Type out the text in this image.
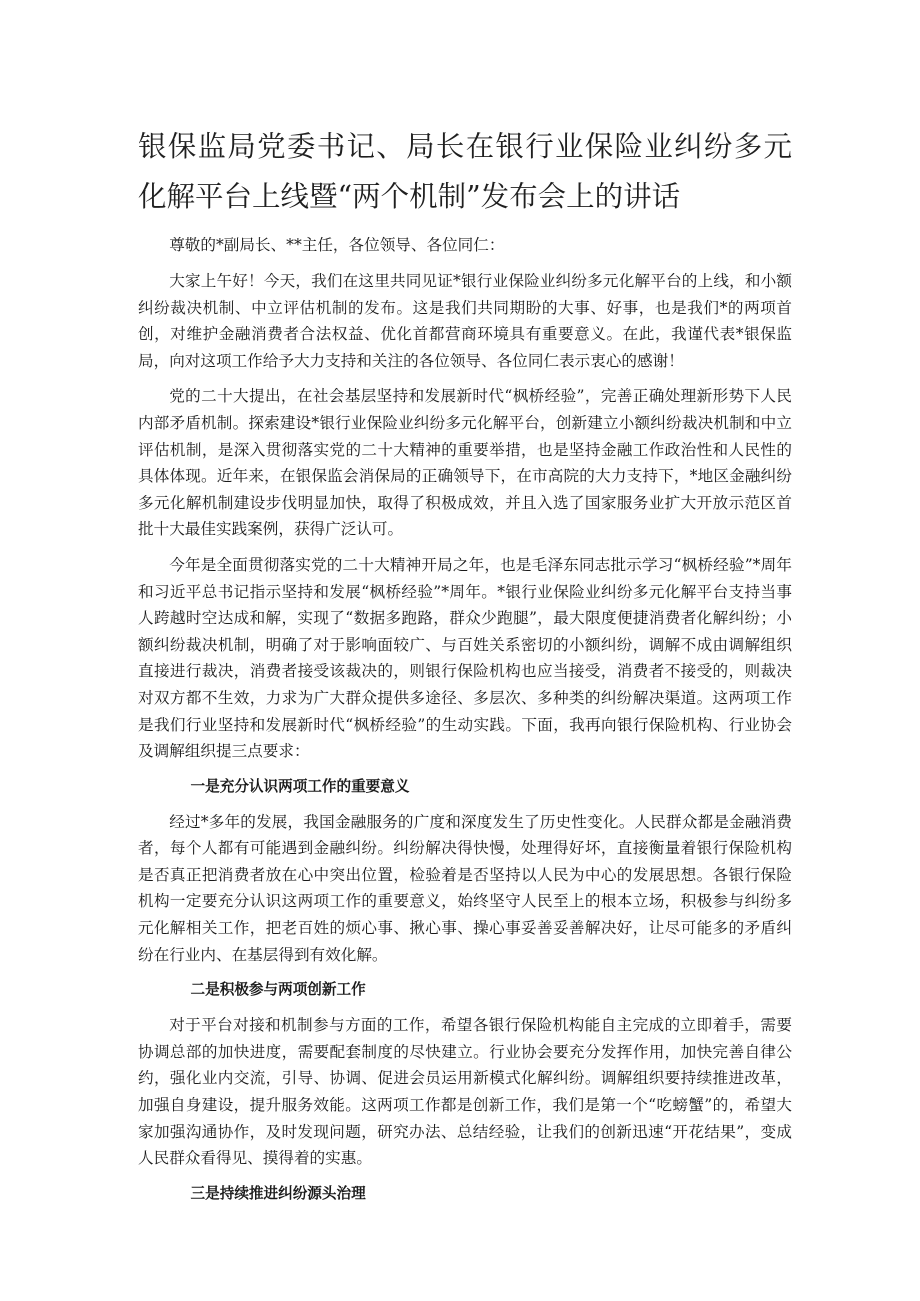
银保监局党委书记、局长在银行业保险业纠纷多元化解平台上线暨“两个机制”发布会上的讲话

尊敬的*副局长、**主任，各位领导、各位同仁：

大家上午好！今天，我们在这里共同见证*银行业保险业纠纷多元化解平台的上线，和小额纠纷裁决机制、中立评估机制的发布。这是我们共同期盼的大事、好事，也是我们*的两项首创，对维护金融消费者合法权益、优化首都营商环境具有重要意义。在此，我谨代表*银保监局，向对这项工作给予大力支持和关注的各位领导、各位同仁表示衷心的感谢！

党的二十大提出，在社会基层坚持和发展新时代“枫桥经验”，完善正确处理新形势下人民内部矛盾机制。探索建设*银行业保险业纠纷多元化解平台，创新建立小额纠纷裁决机制和中立评估机制，是深入贯彻落实党的二十大精神的重要举措，也是坚持金融工作政治性和人民性的具体体现。近年来，在银保监会消保局的正确领导下，在市高院的大力支持下，*地区金融纠纷多元化解机制建设步伐明显加快，取得了积极成效，并且入选了国家服务业扩大开放示范区首批十大最佳实践案例，获得广泛认可。

今年是全面贯彻落实党的二十大精神开局之年，也是毛泽东同志批示学习“枫桥经验”*周年和习近平总书记指示坚持和发展“枫桥经验”*周年。*银行业保险业纠纷多元化解平台支持当事人跨越时空达成和解，实现了“数据多跑路，群众少跑腿”，最大限度便捷消费者化解纠纷；小额纠纷裁决机制，明确了对于影响面较广、与百姓关系密切的小额纠纷，调解不成由调解组织直接进行裁决，消费者接受该裁决的，则银行保险机构也应当接受，消费者不接受的，则裁决对双方都不生效，力求为广大群众提供多途径、多层次、多种类的纠纷解决渠道。这两项工作是我们行业坚持和发展新时代“枫桥经验”的生动实践。下面，我再向银行保险机构、行业协会及调解组织提三点要求：

一是充分认识两项工作的重要意义

经过*多年的发展，我国金融服务的广度和深度发生了历史性变化。人民群众都是金融消费者，每个人都有可能遇到金融纠纷。纠纷解决得快慢，处理得好坏，直接衡量着银行保险机构是否真正把消费者放在心中突出位置，检验着是否坚持以人民为中心的发展思想。各银行保险机构一定要充分认识这两项工作的重要意义，始终坚守人民至上的根本立场，积极参与纠纷多元化解相关工作，把老百姓的烦心事、揪心事、操心事妥善妥善解决好，让尽可能多的矛盾纠纷在行业内、在基层得到有效化解。

二是积极参与两项创新工作

对于平台对接和机制参与方面的工作，希望各银行保险机构能自主完成的立即着手，需要协调总部的加快进度，需要配套制度的尽快建立。行业协会要充分发挥作用，加快完善自律公约，强化业内交流，引导、协调、促进会员运用新模式化解纠纷。调解组织要持续推进改革，加强自身建设，提升服务效能。这两项工作都是创新工作，我们是第一个“吃螃蟹”的，希望大家加强沟通协作，及时发现问题，研究办法、总结经验，让我们的创新迅速“开花结果”，变成人民群众看得见、摸得着的实惠。

三是持续推进纠纷源头治理
